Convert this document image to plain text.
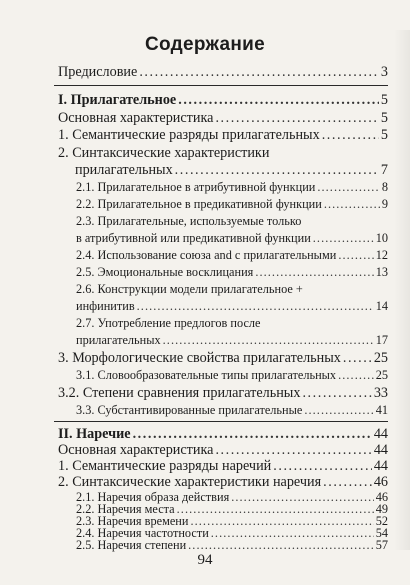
Содержание
Предисловие . . .	3
I. Прилагательное . . .	5
Основная характеристика . . .	5
1. Семантические разряды прилагательных . . .	5
2. Синтаксические характеристики
прилагательных . . .	7
2.1. Прилагательное в атрибутивной функции . . .	8
2.2. Прилагательное в предикативной функции . . .	9
2.3. Прилагательные, используемые только
в атрибутивной или предикативной функции . . .	10
2.4. Использование союза and с прилагательными . . .	12
2.5. Эмоциональные восклицания . . .	13
2.6. Конструкции модели прилагательное +
инфинитив . . .	14
2.7. Употребление предлогов после
прилагательных . . .	17
3. Морфологические свойства прилагательных . . . 25
3.1. Словообразовательные типы прилагательных . . .	25
3.2. Степени сравнения прилагательных . . .	33
3.3. Субстантивированные прилагательные . . .	41
II. Наречие . . .	44
Основная характеристика . . .	44
1. Семантические разряды наречий . . .	44
2. Синтаксические характеристики наречия . . .	46
2.1. Наречия образа действия . . .	46
2.2. Наречия места . . .	49
2.3. Наречия времени . . .	52
2.4. Наречия частотности . . .	54
2.5. Наречия степени . . .	57
94
